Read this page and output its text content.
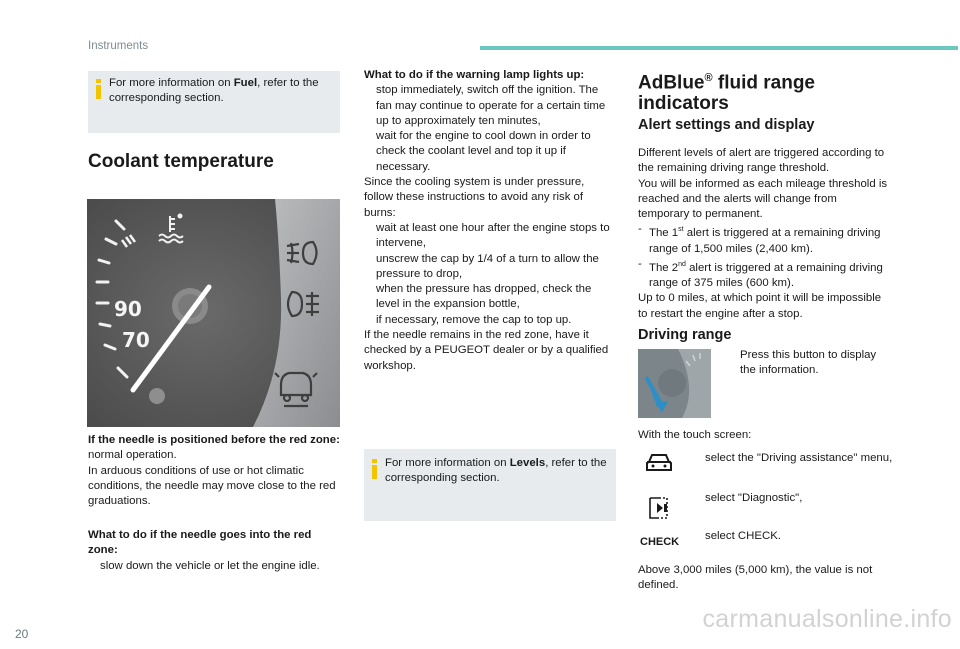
Instruments
For more information on Fuel, refer to the corresponding section.
Coolant temperature
90
70

If the needle is positioned before the red zone: normal operation.

In arduous conditions of use or hot climatic conditions, the needle may move close to the red graduations.

What to do if the needle goes into the red zone:

slow down the vehicle or let the engine idle.

What to do if the warning lamp lights up:

stop immediately, switch off the ignition. The fan may continue to operate for a certain time up to approximately ten minutes,
wait for the engine to cool down in order to check the coolant level and top it up if necessary.

Since the cooling system is under pressure, follow these instructions to avoid any risk of burns:

wait at least one hour after the engine stops to intervene,
unscrew the cap by 1/4 of a turn to allow the pressure to drop,
when the pressure has dropped, check the level in the expansion bottle,
if necessary, remove the cap to top up.

If the needle remains in the red zone, have it checked by a PEUGEOT dealer or by a qualified workshop.

For more information on Levels, refer to the corresponding section.
AdBlue® fluid range indicators
Alert settings and display

Different levels of alert are triggered according to the remaining driving range threshold.

You will be informed as each mileage threshold is reached and the alerts will change from temporary to permanent.

- The 1st alert is triggered at a remaining driving range of 1,500 miles (2,400 km).
- The 2nd alert is triggered at a remaining driving range of 375 miles (600 km).

Up to 0 miles, at which point it will be impossible to restart the engine after a stop.

Driving range
Press this button to display the information.
With the touch screen:
select the "Driving assistance" menu,
select "Diagnostic",
CHECK	select CHECK.
Above 3,000 miles (5,000 km), the value is not defined.
20
carmanualsonline.info
